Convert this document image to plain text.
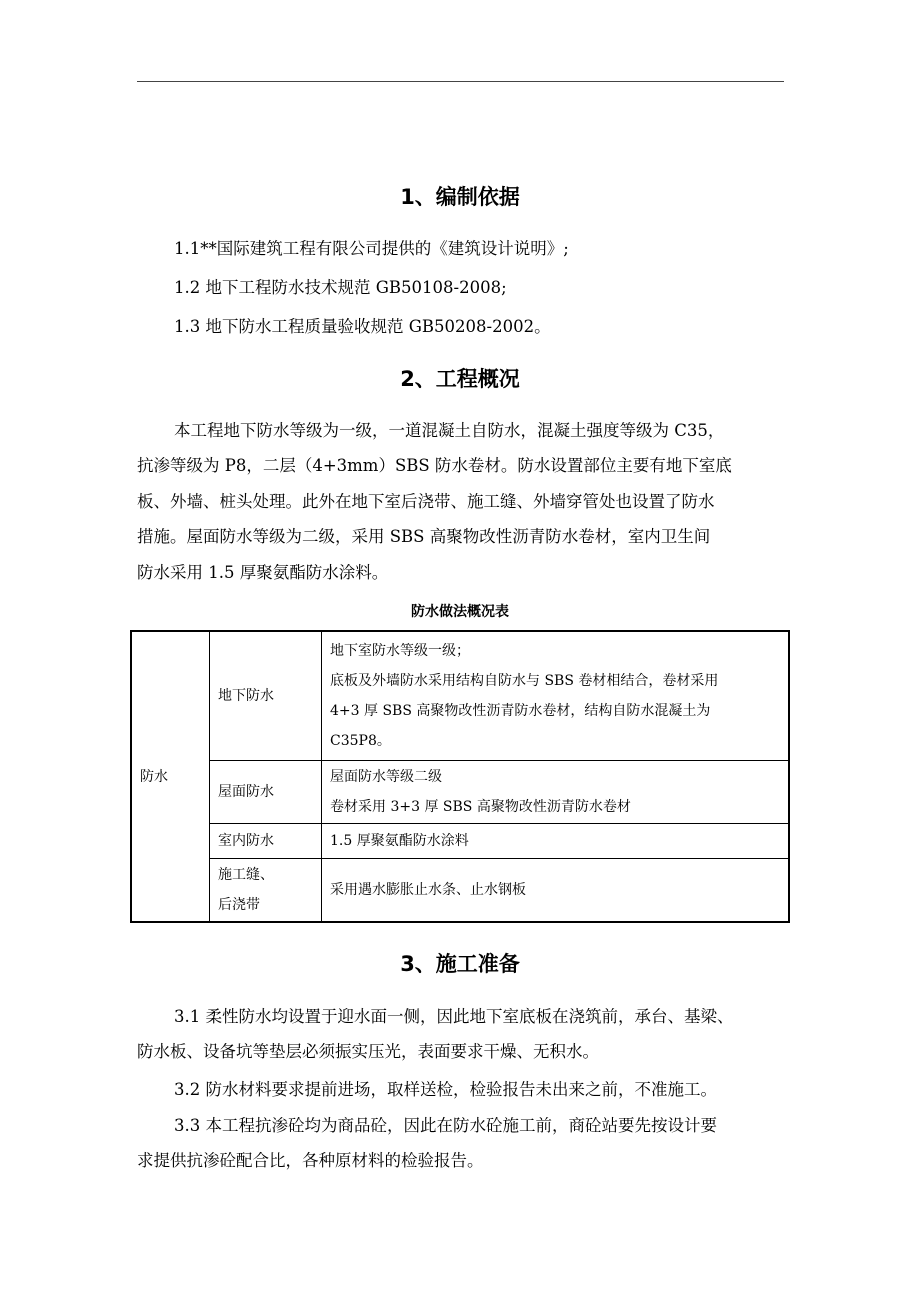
1、编制依据
1.1**国际建筑工程有限公司提供的《建筑设计说明》;
1.2 地下工程防水技术规范 GB50108-2008;
1.3 地下防水工程质量验收规范 GB50208-2002。
2、工程概况
本工程地下防水等级为一级，一道混凝土自防水，混凝土强度等级为 C35，
抗渗等级为 P8，二层（4+3mm）SBS 防水卷材。防水设置部位主要有地下室底
板、外墙、桩头处理。此外在地下室后浇带、施工缝、外墙穿管处也设置了防水
措施。屋面防水等级为二级，采用 SBS 高聚物改性沥青防水卷材，室内卫生间
防水采用 1.5 厚聚氨酯防水涂料。
防水做法概况表
防水	地下防水	地下室防水等级一级；
底板及外墙防水采用结构自防水与 SBS 卷材相结合，卷材采用
4+3 厚 SBS 高聚物改性沥青防水卷材，结构自防水混凝土为
C35P8。

	屋面防水	屋面防水等级二级
卷材采用 3+3 厚 SBS 高聚物改性沥青防水卷材

	室内防水	1.5 厚聚氨酯防水涂料

	施工缝、
后浇带	采用遇水膨胀止水条、止水钢板
3、施工准备
3.1 柔性防水均设置于迎水面一侧，因此地下室底板在浇筑前，承台、基梁、
防水板、设备坑等垫层必须振实压光，表面要求干燥、无积水。
3.2 防水材料要求提前进场，取样送检，检验报告未出来之前，不准施工。
3.3 本工程抗渗砼均为商品砼，因此在防水砼施工前，商砼站要先按设计要
求提供抗渗砼配合比，各种原材料的检验报告。
